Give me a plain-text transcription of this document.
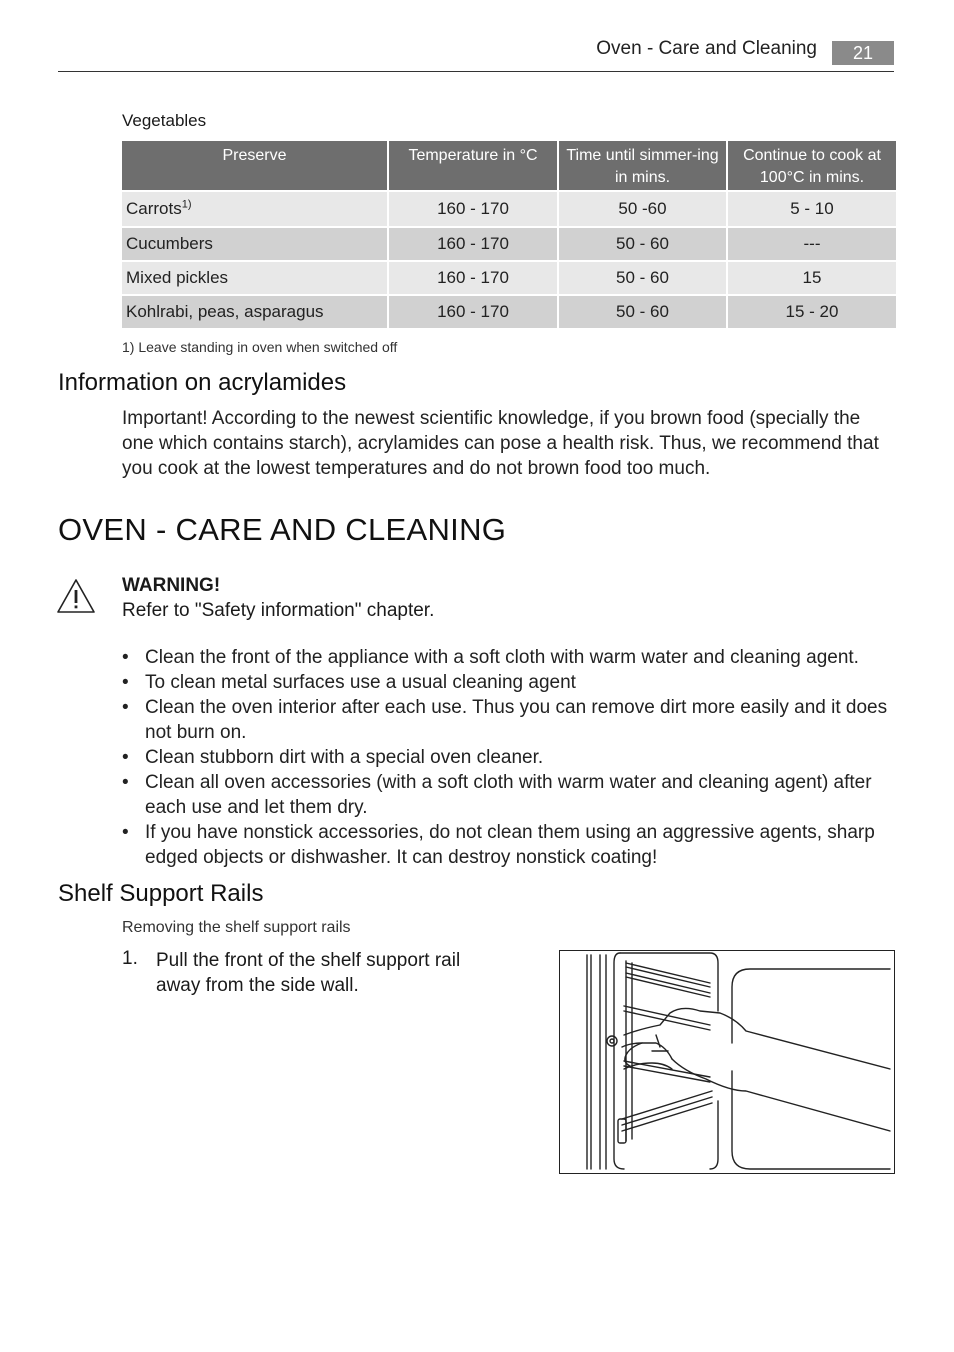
Oven - Care and Cleaning	21
Vegetables
Preserve	Temperature in °C	Time until simmer-ing in mins.	Continue to cook at 100°C in mins.
Carrots$^{1)}$	160 - 170	50 -60	5 - 10
Cucumbers	160 - 170	50 - 60	---
Mixed pickles	160 - 170	50 - 60	15
Kohlrabi, peas, asparagus	160 - 170	50 - 60	15 - 20
1) Leave standing in oven when switched off
Information on acrylamides
Important! According to the newest scientific knowledge, if you brown food (specially the one which contains starch), acrylamides can pose a health risk. Thus, we recommend that you cook at the lowest temperatures and do not brown food too much.
OVEN - CARE AND CLEANING
WARNING!
Refer to "Safety information" chapter.
• Clean the front of the appliance with a soft cloth with warm water and cleaning agent.
• To clean metal surfaces use a usual cleaning agent
• Clean the oven interior after each use. Thus you can remove dirt more easily and it does not burn on.
• Clean stubborn dirt with a special oven cleaner.
• Clean all oven accessories (with a soft cloth with warm water and cleaning agent) after each use and let them dry.
• If you have nonstick accessories, do not clean them using an aggressive agents, sharp edged objects or dishwasher. It can destroy nonstick coating!
Shelf Support Rails
Removing the shelf support rails
1. Pull the front of the shelf support rail away from the side wall.
